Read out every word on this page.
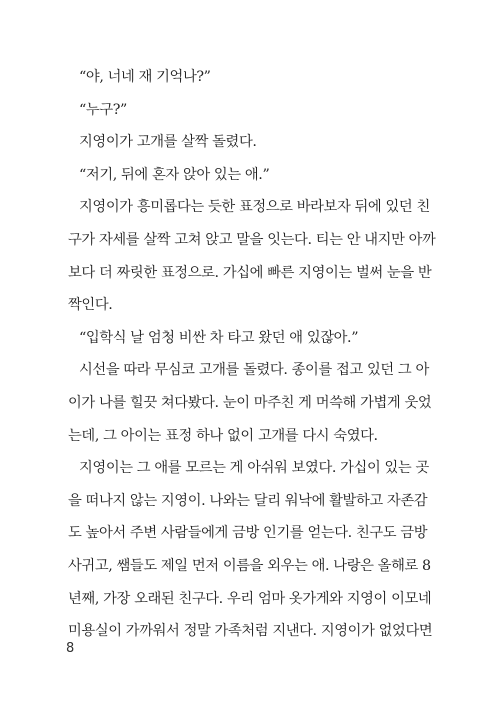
“야, 너네 재 기억나?”
“누구?”
지영이가 고개를 살짝 돌렸다.
“저기, 뒤에 혼자 앉아 있는 애.”
지영이가 흥미롭다는 듯한 표정으로 바라보자 뒤에 있던 친
구가 자세를 살짝 고쳐 앉고 말을 잇는다. 티는 안 내지만 아까
보다 더 짜릿한 표정으로. 가십에 빠른 지영이는 벌써 눈을 반
짝인다.
“입학식 날 엄청 비싼 차 타고 왔던 애 있잖아.”
시선을 따라 무심코 고개를 돌렸다. 종이를 접고 있던 그 아
이가 나를 힐끗 쳐다봤다. 눈이 마주친 게 머쓱해 가볍게 웃었
는데, 그 아이는 표정 하나 없이 고개를 다시 숙였다.
지영이는 그 애를 모르는 게 아쉬워 보였다. 가십이 있는 곳
을 떠나지 않는 지영이. 나와는 달리 워낙에 활발하고 자존감
도 높아서 주변 사람들에게 금방 인기를 얻는다. 친구도 금방
사귀고, 쌤들도 제일 먼저 이름을 외우는 애. 나랑은 올해로 8
년째, 가장 오래된 친구다. 우리 엄마 옷가게와 지영이 이모네
미용실이 가까워서 정말 가족처럼 지낸다. 지영이가 없었다면
8
